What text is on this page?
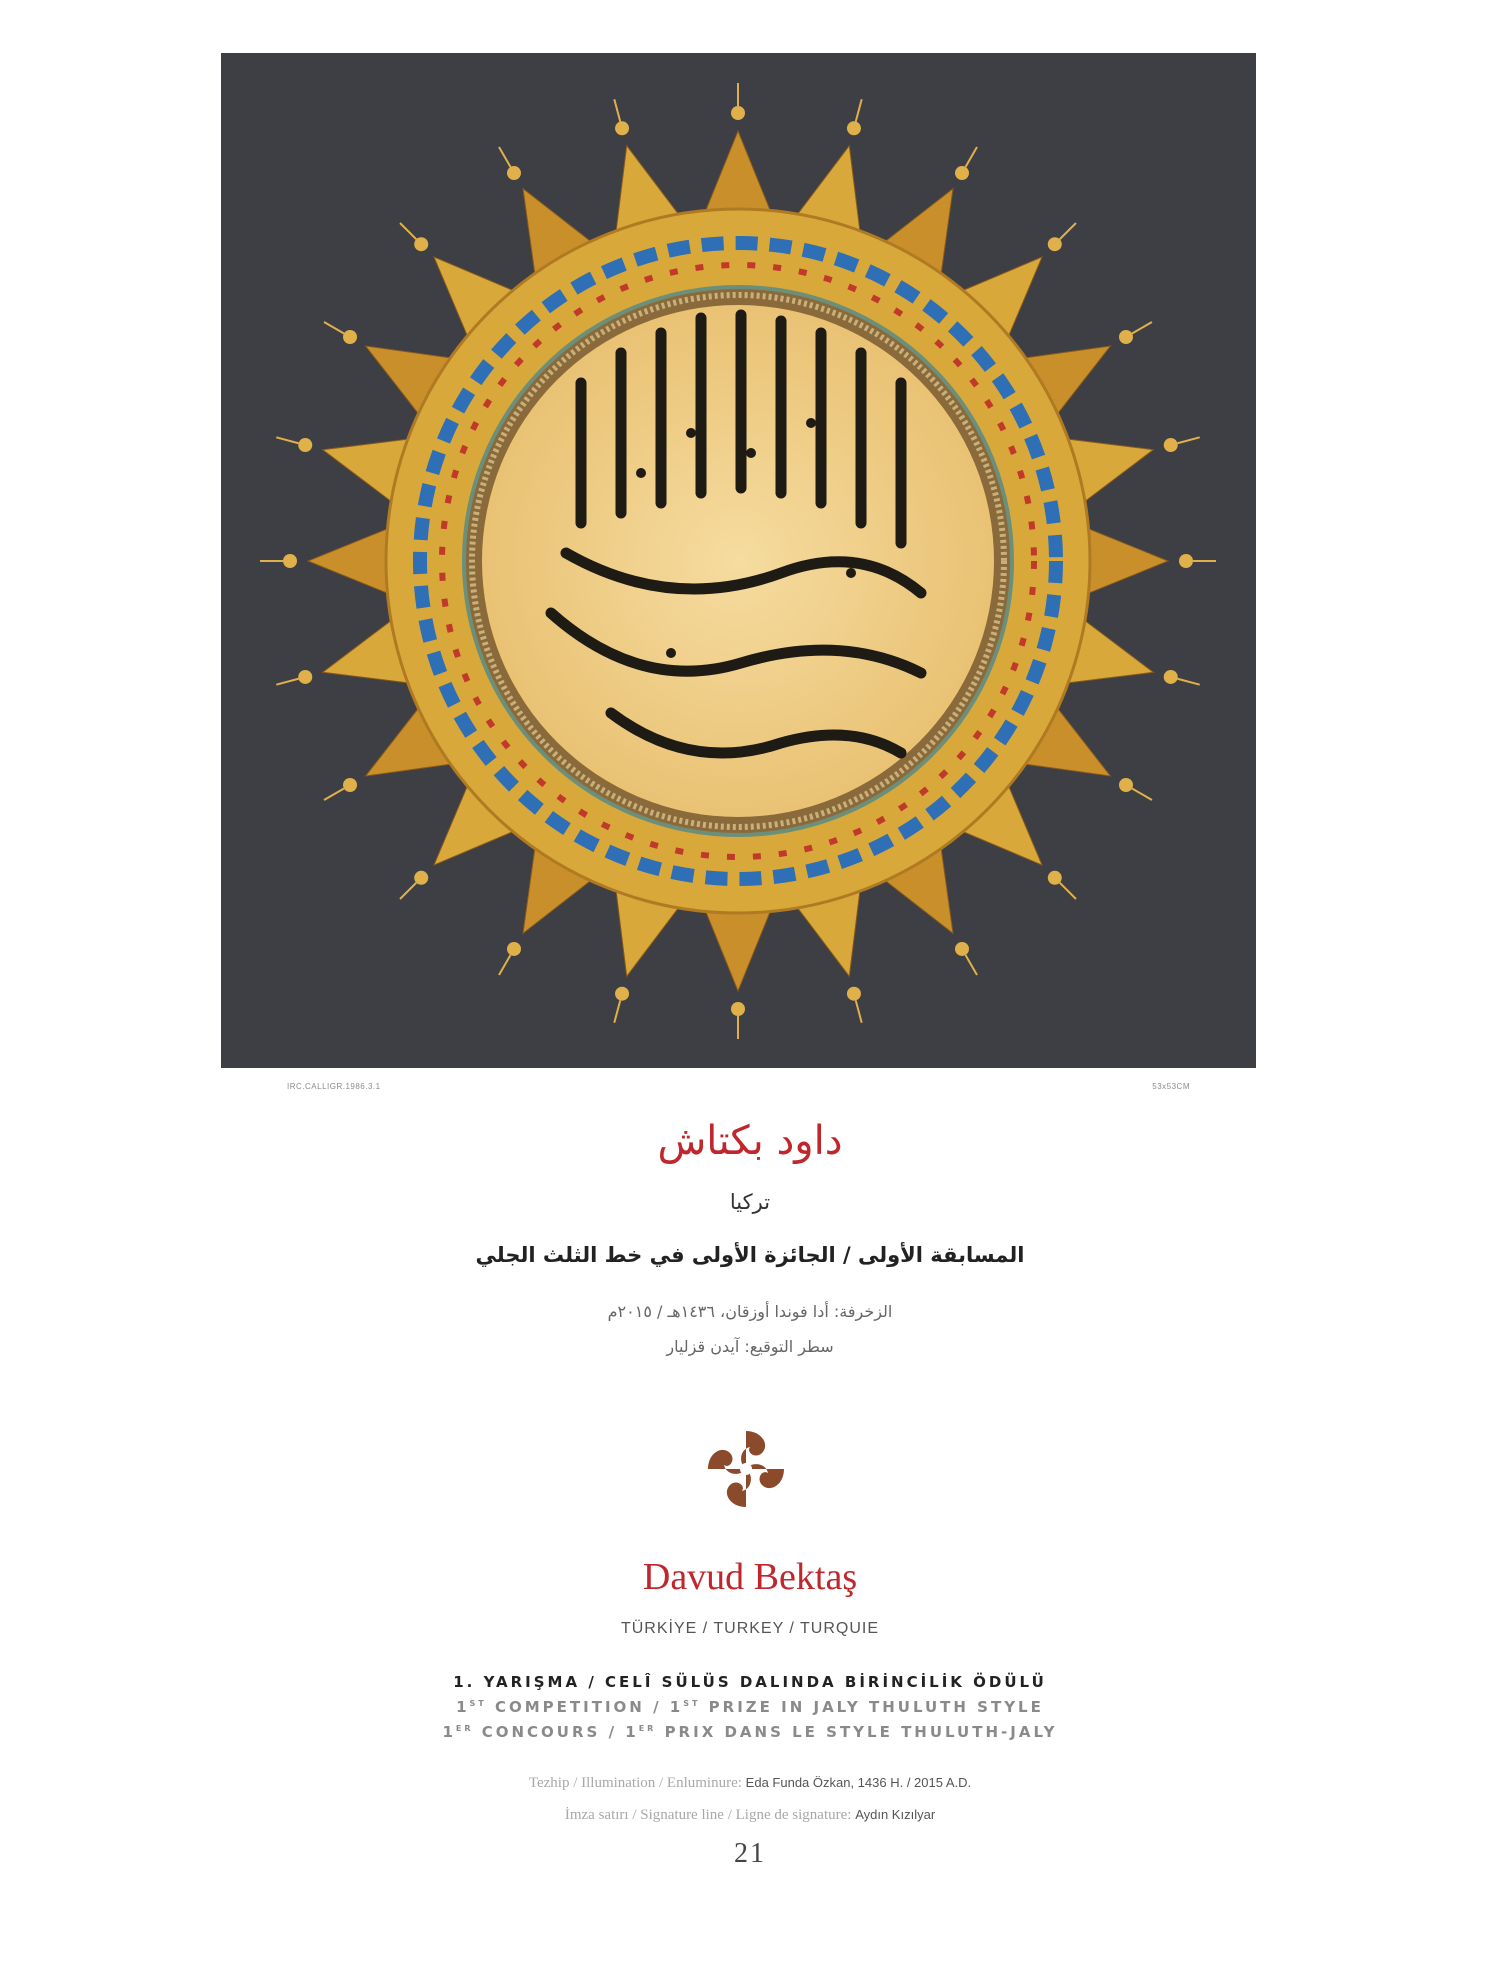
IRC.CALLIGR.1986.3.1	53x53CM
داود بكتاش
تركيا
المسابقة الأولى / الجائزة الأولى في خط الثلث الجلي
الزخرفة: أدا فوندا أوزقان، ١٤٣٦هـ / ٢٠١٥م
سطر التوقيع: آيدن قزليار
Davud Bektaş
TÜRKİYE / TURKEY / TURQUIE
1. YARIŞMA / CELÎ SÜLÜS DALINDA BİRİNCİLİK ÖDÜLÜ
1ST COMPETITION / 1ST PRIZE IN JALY THULUTH STYLE
1ER CONCOURS / 1ER PRIX DANS LE STYLE THULUTH-JALY
Tezhip / Illumination / Enluminure: Eda Funda Özkan, 1436 H. / 2015 A.D.
İmza satırı / Signature line / Ligne de signature: Aydın Kızılyar
21
